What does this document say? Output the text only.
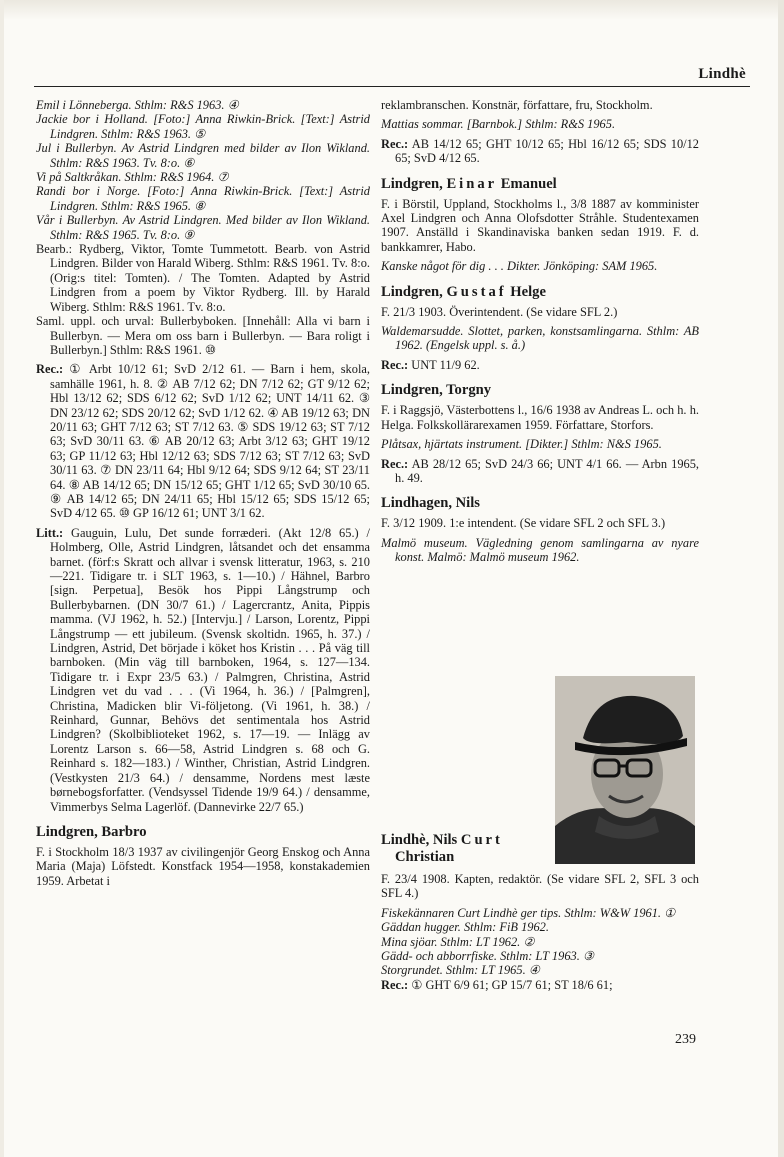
Lindhè

Emil i Lönneberga. Sthlm: R&S 1963. ④

Jackie bor i Holland. [Foto:] Anna Riwkin-Brick. [Text:] Astrid Lindgren. Sthlm: R&S 1963. ⑤

Jul i Bullerbyn. Av Astrid Lindgren med bilder av Ilon Wikland. Sthlm: R&S 1963. Tv. 8:o. ⑥

Vi på Saltkråkan. Sthlm: R&S 1964. ⑦

Randi bor i Norge. [Foto:] Anna Riwkin-Brick. [Text:] Astrid Lindgren. Sthlm: R&S 1965. ⑧

Vår i Bullerbyn. Av Astrid Lindgren. Med bilder av Ilon Wikland. Sthlm: R&S 1965. Tv. 8:o. ⑨

Bearb.: Rydberg, Viktor, Tomte Tummetott. Bearb. von Astrid Lindgren. Bilder von Harald Wiberg. Sthlm: R&S 1961. Tv. 8:o. (Orig:s titel: Tomten). / The Tomten. Adapted by Astrid Lindgren from a poem by Viktor Rydberg. Ill. by Harald Wiberg. Sthlm: R&S 1961. Tv. 8:o.

Saml. uppl. och urval: Bullerbyboken. [Innehåll: Alla vi barn i Bullerbyn. — Mera om oss barn i Bullerbyn. — Bara roligt i Bullerbyn.] Sthlm: R&S 1961. ⑩

Rec.: ① Arbt 10/12 61; SvD 2/12 61. — Barn i hem, skola, samhälle 1961, h. 8. ② AB 7/12 62; DN 7/12 62; GT 9/12 62; Hbl 13/12 62; SDS 6/12 62; SvD 1/12 62; UNT 14/11 62. ③ DN 23/12 62; SDS 20/12 62; SvD 1/12 62. ④ AB 19/12 63; DN 20/11 63; GHT 7/12 63; ST 7/12 63. ⑤ SDS 19/12 63; ST 7/12 63; SvD 30/11 63. ⑥ AB 20/12 63; Arbt 3/12 63; GHT 19/12 63; GP 11/12 63; Hbl 12/12 63; SDS 7/12 63; ST 7/12 63; SvD 30/11 63. ⑦ DN 23/11 64; Hbl 9/12 64; SDS 9/12 64; ST 23/11 64. ⑧ AB 14/12 65; DN 15/12 65; GHT 1/12 65; SvD 30/10 65. ⑨ AB 14/12 65; DN 24/11 65; Hbl 15/12 65; SDS 15/12 65; SvD 4/12 65. ⑩ GP 16/12 61; UNT 3/1 62.

Litt.: Gauguin, Lulu, Det sunde forræderi. (Akt 12/8 65.) / Holmberg, Olle, Astrid Lindgren, låtsandet och det ensamma barnet. (förf:s Skratt och allvar i svensk litteratur, 1963, s. 210—221. Tidigare tr. i SLT 1963, s. 1—10.) / Hähnel, Barbro [sign. Perpetua], Besök hos Pippi Långstrump och Bullerbybarnen. (DN 30/7 61.) / Lagercrantz, Anita, Pippis mamma. (VJ 1962, h. 52.) [Intervju.] / Larson, Lorentz, Pippi Långstrump — ett jubileum. (Svensk skoltidn. 1965, h. 37.) / Lindgren, Astrid, Det började i köket hos Kristin . . . På väg till barnboken. (Min väg till barnboken, 1964, s. 127—134. Tidigare tr. i Expr 23/5 63.) / Palmgren, Christina, Astrid Lindgren vet du vad . . . (Vi 1964, h. 36.) / [Palmgren], Christina, Madicken blir Vi-följetong. (Vi 1961, h. 38.) / Reinhard, Gunnar, Behövs det sentimentala hos Astrid Lindgren? (Skolbiblioteket 1962, s. 17—19. — Inlägg av Lorentz Larson s. 66—58, Astrid Lindgren s. 68 och G. Reinhard s. 182—183.) / Winther, Christian, Astrid Lindgren. (Vestkysten 21/3 64.) / densamme, Nordens mest læste børnebogsforfatter. (Vendsyssel Tidende 19/9 64.) / densamme, Vimmerbys Selma Lagerlöf. (Dannevirke 22/7 65.)

Lindgren, Barbro

F. i Stockholm 18/3 1937 av civilingenjör Georg Enskog och Anna Maria (Maja) Löfstedt. Konstfack 1954—1958, konstakademien 1959. Arbetat i

reklambranschen. Konstnär, författare, fru, Stockholm.

Mattias sommar. [Barnbok.] Sthlm: R&S 1965.

Rec.: AB 14/12 65; GHT 10/12 65; Hbl 16/12 65; SDS 10/12 65; SvD 4/12 65.

Lindgren, Einar Emanuel

F. i Börstil, Uppland, Stockholms l., 3/8 1887 av komminister Axel Lindgren och Anna Olofsdotter Stråhle. Studentexamen 1907. Anställd i Skandinaviska banken sedan 1919. F. d. bankkamrer, Habo.

Kanske något för dig . . . Dikter. Jönköping: SAM 1965.

Lindgren, Gustaf Helge

F. 21/3 1903. Överintendent. (Se vidare SFL 2.)

Waldemarsudde. Slottet, parken, konstsamlingarna. Sthlm: AB 1962. (Engelsk uppl. s. å.)

Rec.: UNT 11/9 62.

Lindgren, Torgny

F. i Raggsjö, Västerbottens l., 16/6 1938 av Andreas L. och h. h. Helga. Folkskollärarexamen 1959. Författare, Storfors.

Plåtsax, hjärtats instrument. [Dikter.] Sthlm: N&S 1965.

Rec.: AB 28/12 65; SvD 24/3 66; UNT 4/1 66. — Arbn 1965, h. 49.

Lindhagen, Nils

F. 3/12 1909. 1:e intendent. (Se vidare SFL 2 och SFL 3.)

Malmö museum. Vägledning genom samlingarna av nyare konst. Malmö: Malmö museum 1962.

Lindhè, Nils Curt
Christian

F. 23/4 1908. Kapten, redaktör. (Se vidare SFL 2, SFL 3 och SFL 4.)

Fiskekännaren Curt Lindhè ger tips. Sthlm: W&W 1961. ①

Gäddan hugger. Sthlm: FiB 1962.

Mina sjöar. Sthlm: LT 1962. ②

Gädd- och abborrfiske. Sthlm: LT 1963. ③

Storgrundet. Sthlm: LT 1965. ④

Rec.: ① GHT 6/9 61; GP 15/7 61; ST 18/6 61;

239
